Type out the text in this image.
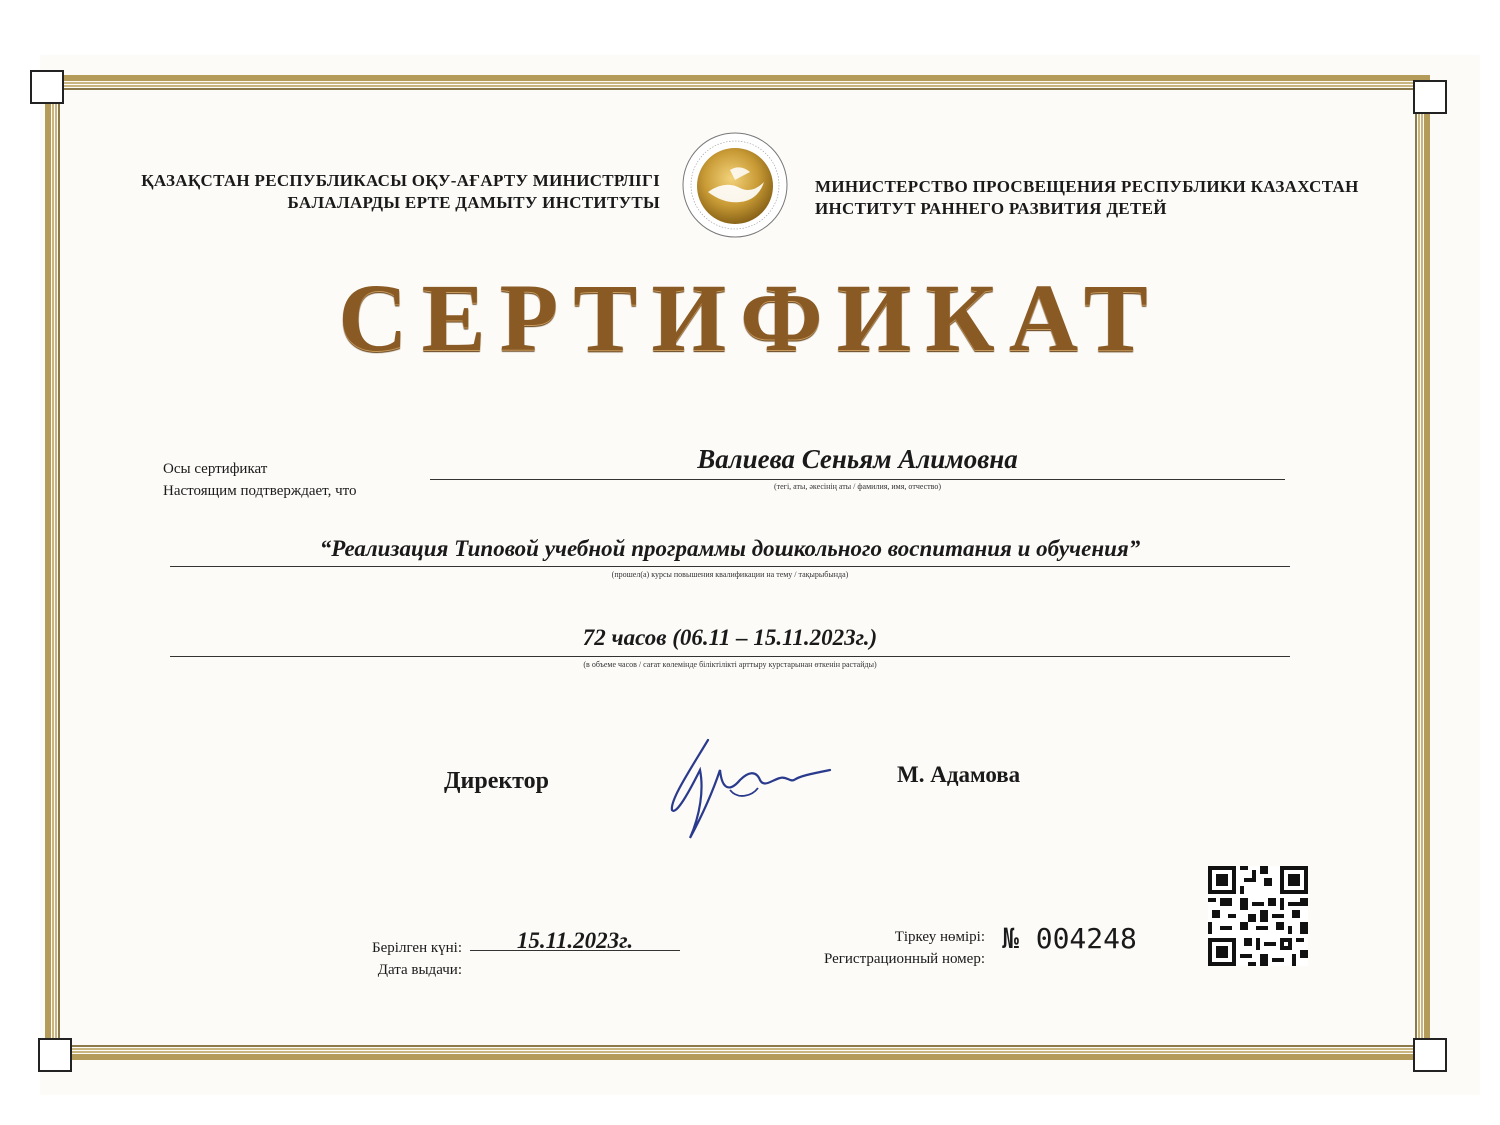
ҚАЗАҚСТАН РЕСПУБЛИКАСЫ ОҚУ-АҒАРТУ МИНИСТРЛІГІ
БАЛАЛАРДЫ ЕРТЕ ДАМЫТУ ИНСТИТУТЫ
МИНИСТЕРСТВО ПРОСВЕЩЕНИЯ РЕСПУБЛИКИ КАЗАХСТАН
ИНСТИТУТ РАННЕГО РАЗВИТИЯ ДЕТЕЙ
СЕРТИФИКАТ
Осы сертификат
Настоящим подтверждает, что
Валиева Сеньям Алимовна
(тегі, аты, әкесінің аты / фамилия, имя, отчество)
“Реализация Типовой учебной программы дошкольного воспитания и обучения”
(прошел(а) курсы повышения квалификации на тему / тақырыбында)
72 часов (06.11 – 15.11.2023г.)
(в объеме часов / сағат көлемінде біліктілікті арттыру курстарынан өткенін растайды)
Директор	М. Адамова
Берілген күні:
Дата выдачи:
15.11.2023г.	Тіркеу нөмірі:
Регистрационный номер:
№ 004248
